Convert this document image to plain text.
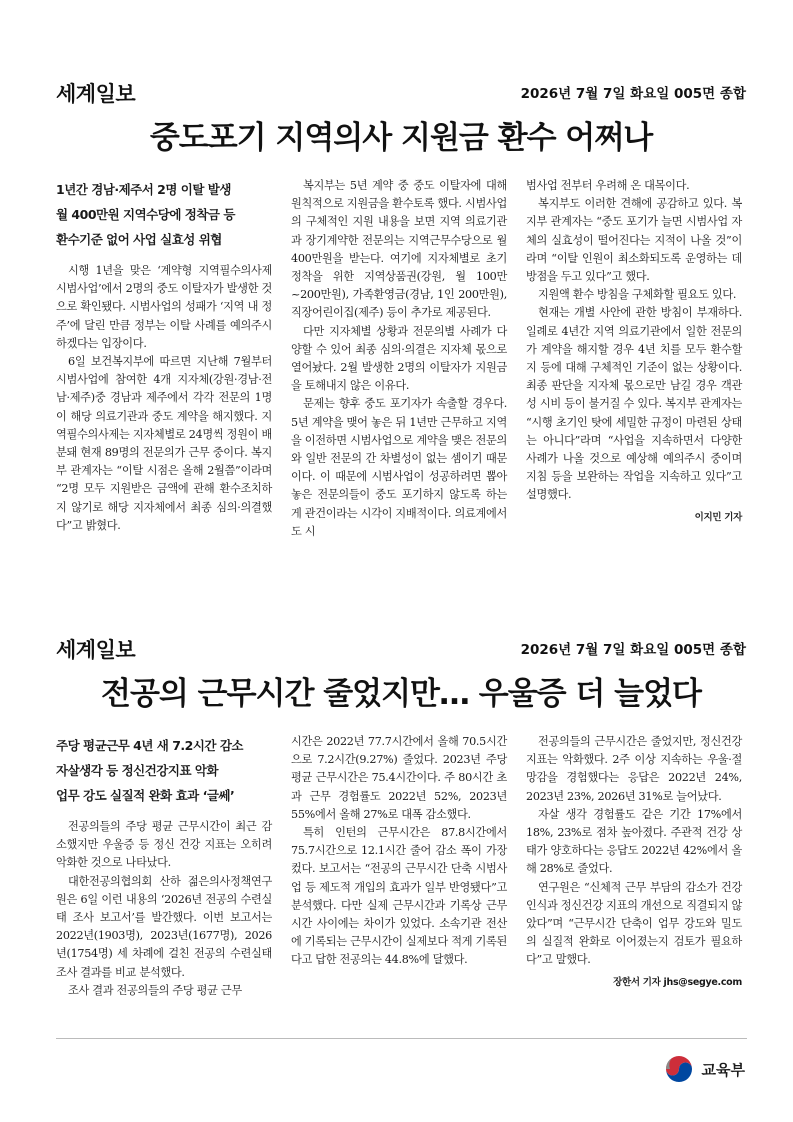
세계일보	2026년 7월 7일 화요일 005면 종합
중도포기 지역의사 지원금 환수 어쩌나
1년간 경남·제주서 2명 이탈 발생
월 400만원 지역수당에 정착금 등
환수기준 없어 사업 실효성 위협

시행 1년을 맞은 ‘계약형 지역필수의사제 시범사업’에서 2명의 중도 이탈자가 발생한 것으로 확인됐다. 시범사업의 성패가 ‘지역 내 정주’에 달린 만큼 정부는 이탈 사례를 예의주시하겠다는 입장이다.

6일 보건복지부에 따르면 지난해 7월부터 시범사업에 참여한 4개 지자체(강원·경남·전남·제주)중 경남과 제주에서 각각 전문의 1명이 해당 의료기관과 중도 계약을 해지했다. 지역필수의사제는 지자체별로 24명씩 정원이 배분돼 현재 89명의 전문의가 근무 중이다. 복지부 관계자는 “이탈 시점은 올해 2월쯤”이라며 “2명 모두 지원받은 금액에 관해 환수조치하지 않기로 해당 지자체에서 최종 심의·의결했다”고 밝혔다.

복지부는 5년 계약 중 중도 이탈자에 대해 원칙적으로 지원금을 환수토록 했다. 시범사업의 구체적인 지원 내용을 보면 지역 의료기관과 장기계약한 전문의는 지역근무수당으로 월 400만원을 받는다. 여기에 지자체별로 초기 정착을 위한 지역상품권(강원, 월 100만~200만원), 가족환영금(경남, 1인 200만원), 직장어린이집(제주) 등이 추가로 제공된다.

다만 지자체별 상황과 전문의별 사례가 다양할 수 있어 최종 심의·의결은 지자체 몫으로 열어놨다. 2월 발생한 2명의 이탈자가 지원금을 토해내지 않은 이유다.

문제는 향후 중도 포기자가 속출할 경우다. 5년 계약을 맺어 놓은 뒤 1년만 근무하고 지역을 이전하면 시범사업으로 계약을 맺은 전문의와 일반 전문의 간 차별성이 없는 셈이기 때문이다. 이 때문에 시범사업이 성공하려면 뽑아놓은 전문의들이 중도 포기하지 않도록 하는 게 관건이라는 시각이 지배적이다. 의료계에서도 시

범사업 전부터 우려해 온 대목이다.

복지부도 이러한 견해에 공감하고 있다. 복지부 관계자는 “중도 포기가 늘면 시범사업 자체의 실효성이 떨어진다는 지적이 나올 것”이라며 “이탈 인원이 최소화되도록 운영하는 데 방점을 두고 있다”고 했다.

지원액 환수 방침을 구체화할 필요도 있다.

현재는 개별 사안에 관한 방침이 부재하다. 일례로 4년간 지역 의료기관에서 일한 전문의가 계약을 해지할 경우 4년 치를 모두 환수할지 등에 대해 구체적인 기준이 없는 상황이다. 최종 판단을 지자체 몫으로만 남길 경우 객관성 시비 등이 불거질 수 있다. 복지부 관계자는 “시행 초기인 탓에 세밀한 규정이 마련된 상태는 아니다”라며 “사업을 지속하면서 다양한 사례가 나올 것으로 예상해 예의주시 중이며 지침 등을 보완하는 작업을 지속하고 있다”고 설명했다.

이지민 기자
세계일보	2026년 7월 7일 화요일 005면 종합
전공의 근무시간 줄었지만… 우울증 더 늘었다
주당 평균근무 4년 새 7.2시간 감소
자살생각 등 정신건강지표 악화
업무 강도 실질적 완화 효과 ‘글쎄’

전공의들의 주당 평균 근무시간이 최근 감소했지만 우울증 등 정신 건강 지표는 오히려 악화한 것으로 나타났다.

대한전공의협의회 산하 젊은의사정책연구원은 6일 이런 내용의 ‘2026년 전공의 수련실태 조사 보고서’를 발간했다. 이번 보고서는 2022년(1903명), 2023년(1677명), 2026년(1754명) 세 차례에 걸친 전공의 수련실태조사 결과를 비교 분석했다.

조사 결과 전공의들의 주당 평균 근무

시간은 2022년 77.7시간에서 올해 70.5시간으로 7.2시간(9.27%) 줄었다. 2023년 주당 평균 근무시간은 75.4시간이다. 주 80시간 초과 근무 경험률도 2022년 52%, 2023년 55%에서 올해 27%로 대폭 감소했다.

특히 인턴의 근무시간은 87.8시간에서 75.7시간으로 12.1시간 줄어 감소 폭이 가장 컸다. 보고서는 “전공의 근무시간 단축 시범사업 등 제도적 개입의 효과가 일부 반영됐다”고 분석했다. 다만 실제 근무시간과 기록상 근무시간 사이에는 차이가 있었다. 소속기관 전산에 기록되는 근무시간이 실제보다 적게 기록된다고 답한 전공의는 44.8%에 달했다.

전공의들의 근무시간은 줄었지만, 정신건강 지표는 악화했다. 2주 이상 지속하는 우울·절망감을 경험했다는 응답은 2022년 24%, 2023년 23%, 2026년 31%로 늘어났다.

자살 생각 경험률도 같은 기간 17%에서 18%, 23%로 점차 높아졌다. 주관적 건강 상태가 양호하다는 응답도 2022년 42%에서 올해 28%로 줄었다.

연구원은 “신체적 근무 부담의 감소가 건강 인식과 정신건강 지표의 개선으로 직결되지 않았다”며 “근무시간 단축이 업무 강도와 밀도의 실질적 완화로 이어졌는지 검토가 필요하다”고 말했다.

장한서 기자 jhs@segye.com
교육부
